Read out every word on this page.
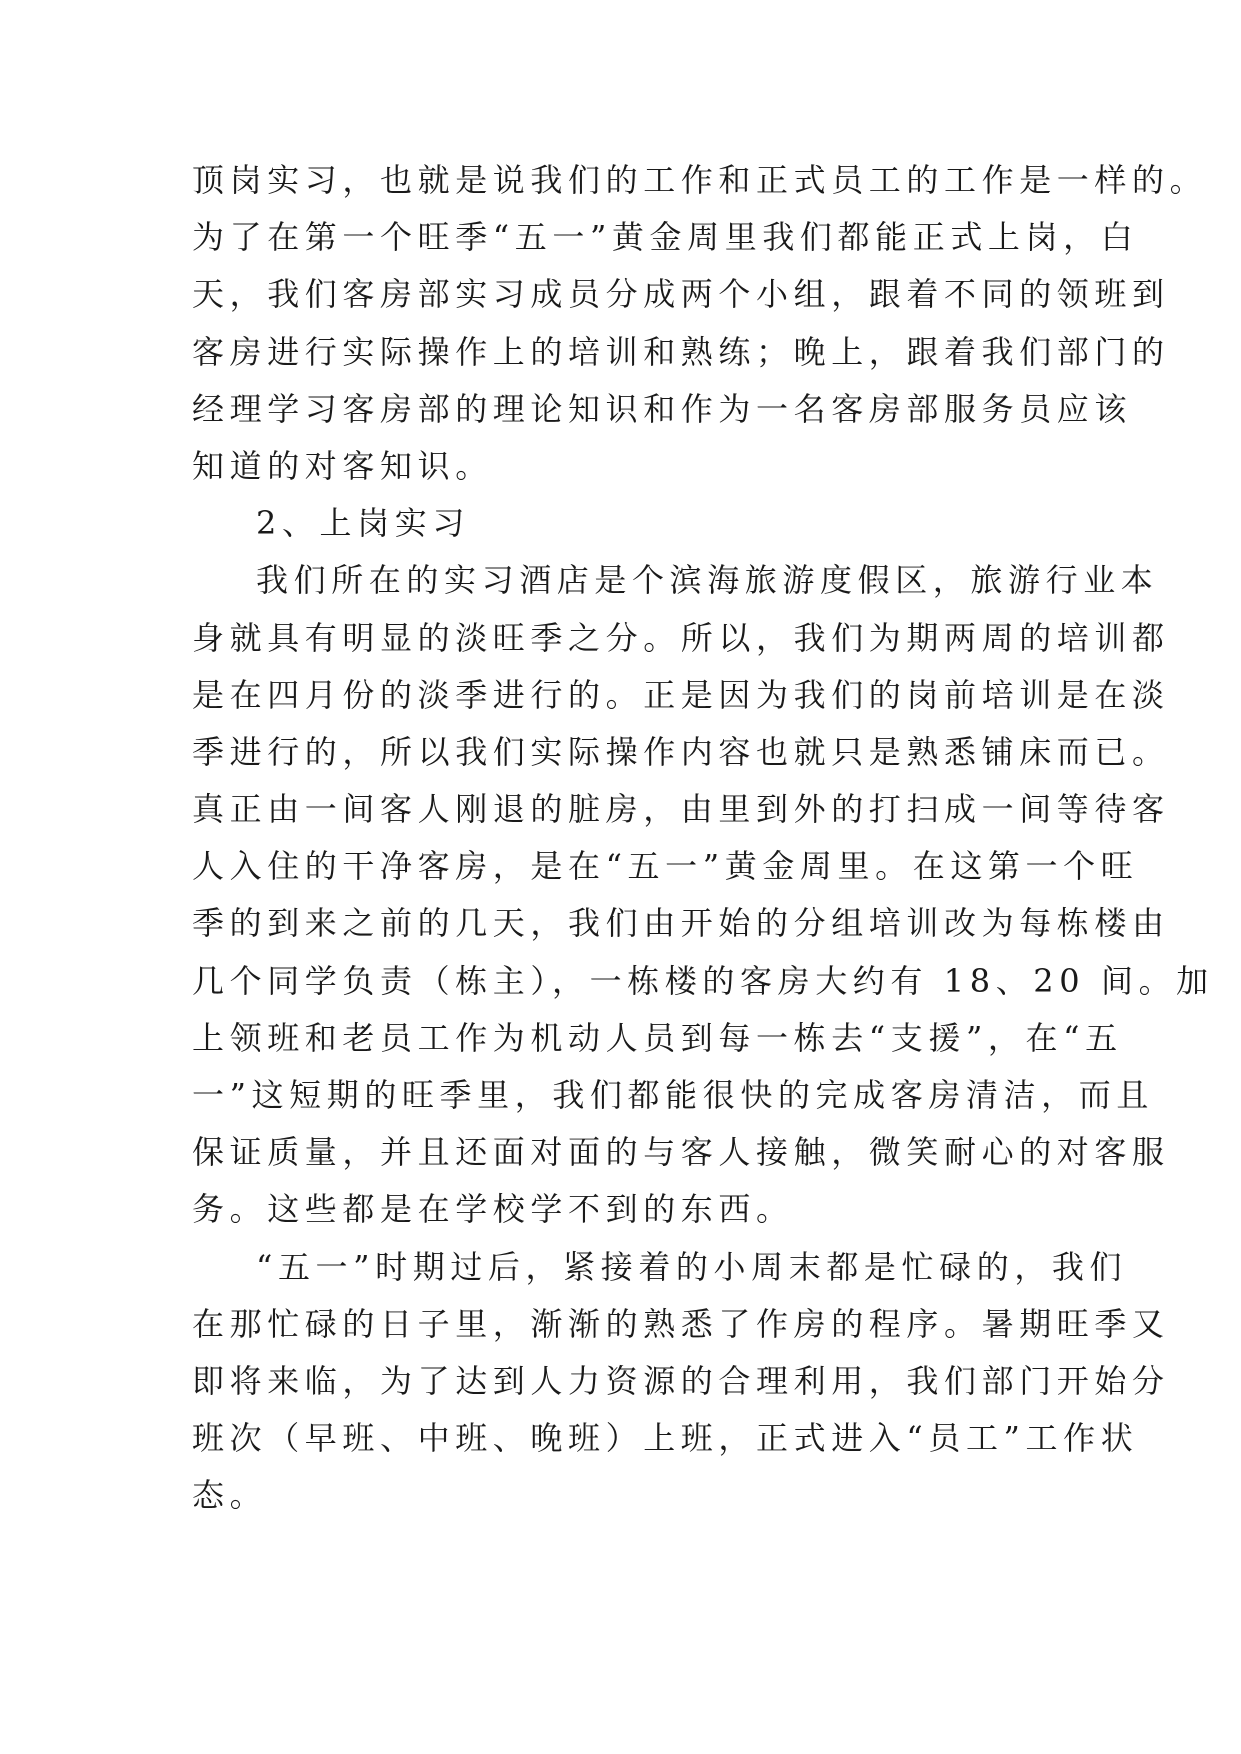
顶岗实习，也就是说我们的工作和正式员工的工作是一样的。
为了在第一个旺季“五一”黄金周里我们都能正式上岗，白
天，我们客房部实习成员分成两个小组，跟着不同的领班到
客房进行实际操作上的培训和熟练；晚上，跟着我们部门的
经理学习客房部的理论知识和作为一名客房部服务员应该
知道的对客知识。
2、上岗实习
我们所在的实习酒店是个滨海旅游度假区，旅游行业本
身就具有明显的淡旺季之分。所以，我们为期两周的培训都
是在四月份的淡季进行的。正是因为我们的岗前培训是在淡
季进行的，所以我们实际操作内容也就只是熟悉铺床而已。
真正由一间客人刚退的脏房，由里到外的打扫成一间等待客
人入住的干净客房，是在“五一”黄金周里。在这第一个旺
季的到来之前的几天，我们由开始的分组培训改为每栋楼由
几个同学负责（栋主），一栋楼的客房大约有 18、20 间。加
上领班和老员工作为机动人员到每一栋去“支援”，在“五
一”这短期的旺季里，我们都能很快的完成客房清洁，而且
保证质量，并且还面对面的与客人接触，微笑耐心的对客服
务。这些都是在学校学不到的东西。
“五一”时期过后，紧接着的小周末都是忙碌的，我们
在那忙碌的日子里，渐渐的熟悉了作房的程序。暑期旺季又
即将来临，为了达到人力资源的合理利用，我们部门开始分
班次（早班、中班、晚班）上班，正式进入“员工”工作状
态。
